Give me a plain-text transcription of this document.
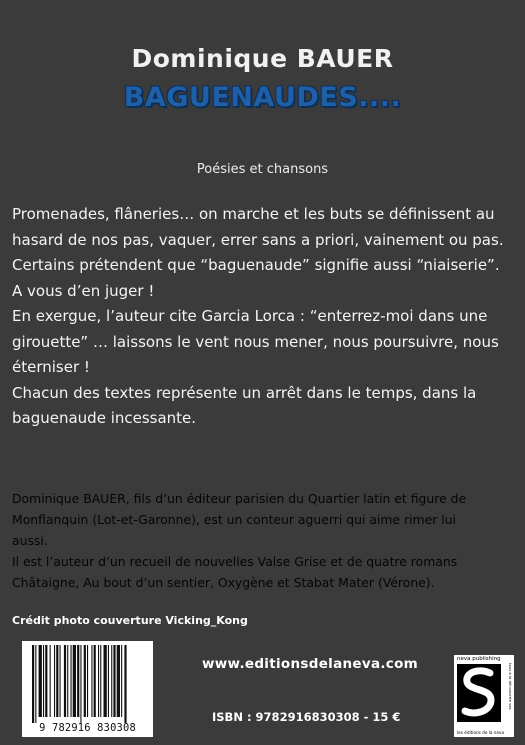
Dominique BAUER
BAGUENAUDES....
Poésies et chansons

Promenades, flâneries… on marche et les buts se définissent au

hasard de nos pas, vaquer, errer sans a priori, vainement ou pas.

Certains prétendent que “baguenaude” signifie aussi “niaiserie”.

A vous d’en juger !

En exergue, l’auteur cite Garcia Lorca : “enterrez-moi dans une

girouette” … laissons le vent nous mener, nous poursuivre, nous

éterniser !

Chacun des textes représente un arrêt dans le temps, dans la

baguenaude incessante.

Dominique BAUER, fils d’un éditeur parisien du Quartier latin et figure de

Monflanquin (Lot-et-Garonne), est un conteur aguerri qui aime rimer lui

aussi.

Il est l’auteur d’un recueil de nouvelles Valse Grise et de quatre romans

Châtaigne, Au bout d’un sentier, Oxygène et Stabat Mater (Vérone).

Crédit photo couverture Vicking_Kong
9 782916 830308
www.editionsdelaneva.com
ISBN : 9782916830308 - 15 €
neva publishing
les éditions de la neva
tous à la découverte sas
